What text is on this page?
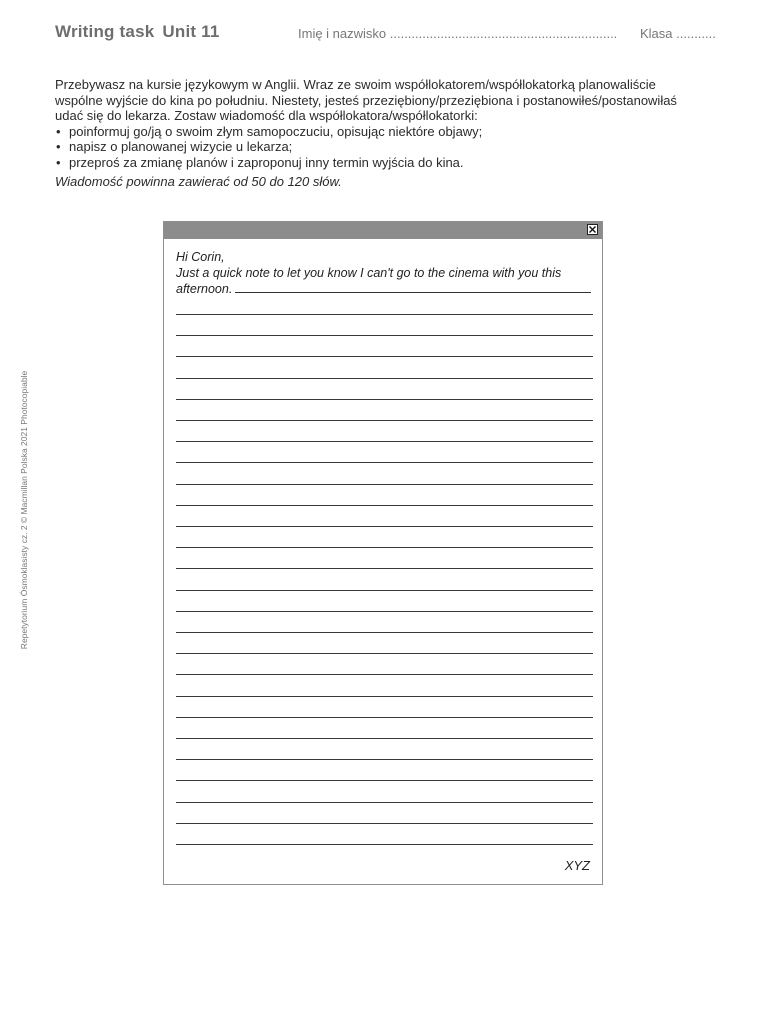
Writing task Unit 11	Imię i nazwisko ............................................................... Klasa ...........

Przebywasz na kursie językowym w Anglii. Wraz ze swoim współlokatorem/współlokatorką planowaliście wspólne wyjście do kina po południu. Niestety, jesteś przeziębiony/przeziębiona i postanowiłeś/postanowiłaś udać się do lekarza. Zostaw wiadomość dla współlokatora/współlokatorki:

• poinformuj go/ją o swoim złym samopoczuciu, opisując niektóre objawy;
• napisz o planowanej wizycie u lekarza;
• przeproś za zmianę planów i zaproponuj inny termin wyjścia do kina.

Wiadomość powinna zawierać od 50 do 120 słów.

Repetytorium Ósmoklasisty cz. 2 © Macmillan Polska 2021 Photocopiable
Hi Corin,
Just a quick note to let you know I can't go to the cinema with you this
afternoon.
XYZ
